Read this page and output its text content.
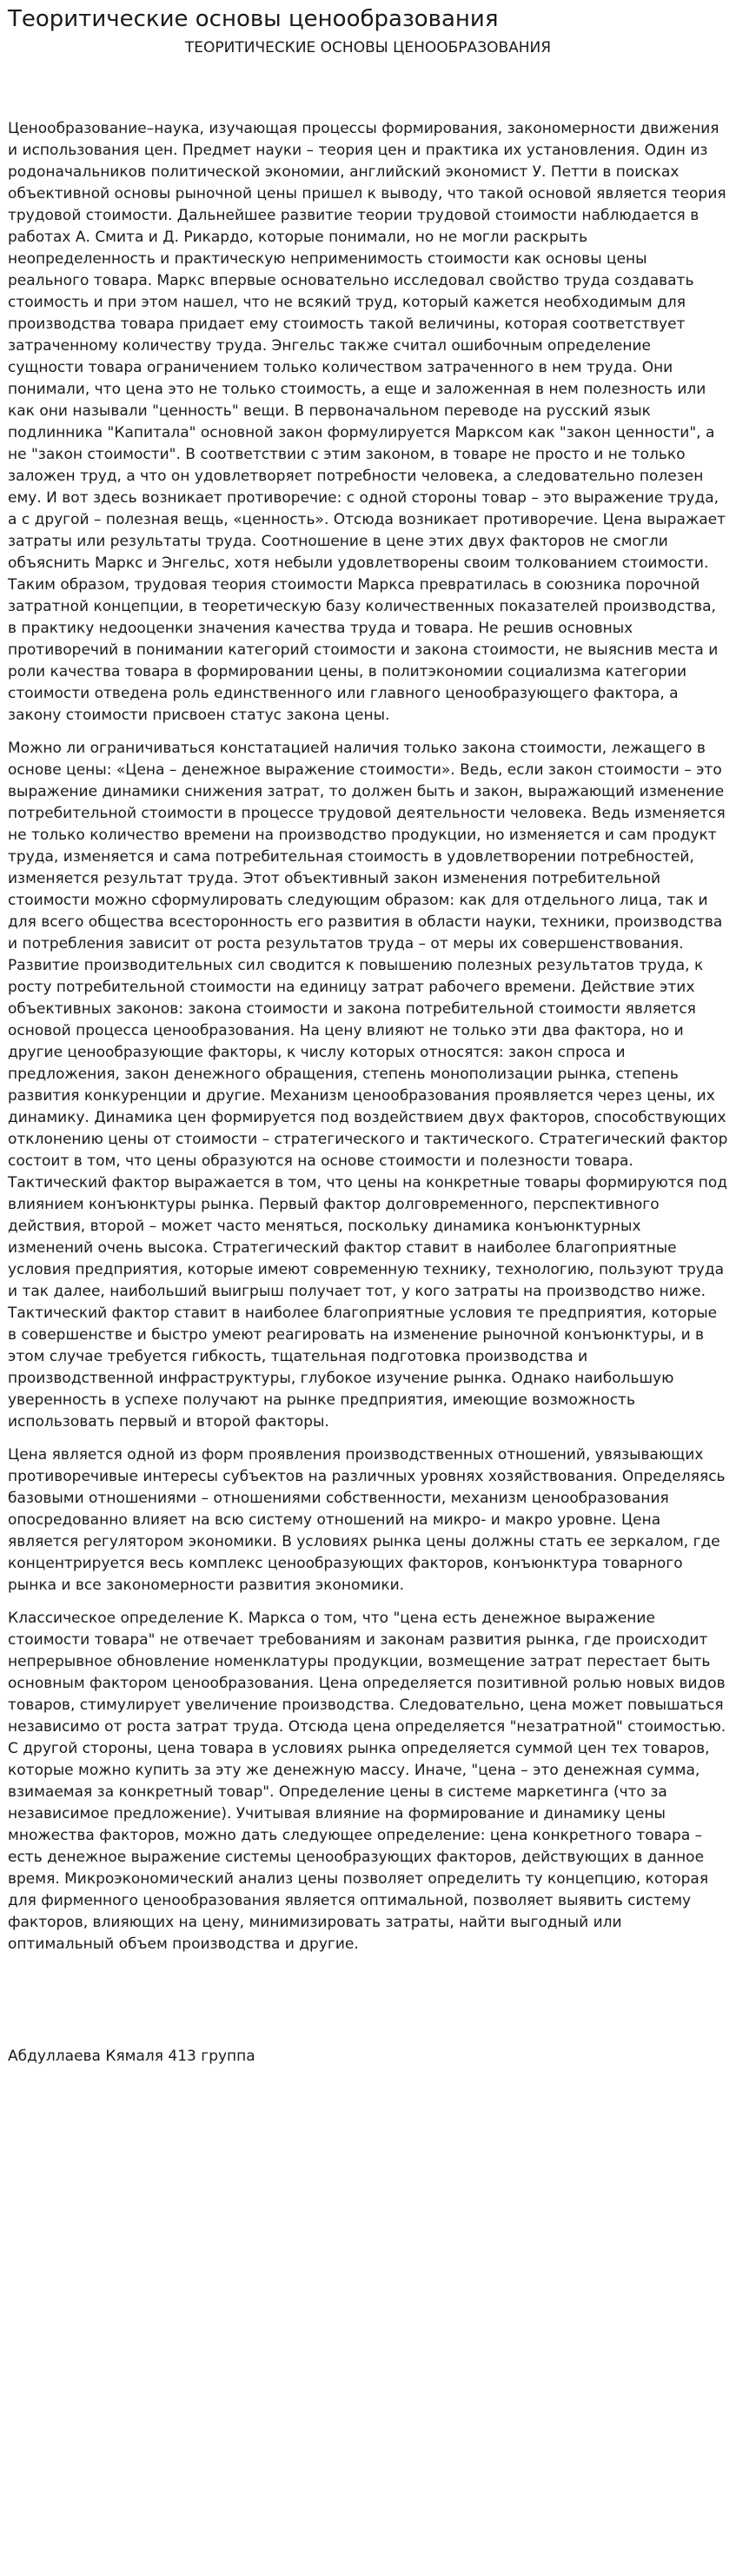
Теоритические основы ценообразования
ТЕОРИТИЧЕСКИЕ ОСНОВЫ ЦЕНООБРАЗОВАНИЯ

Ценообразование–наука, изучающая процессы формирования, закономерности движения и использования цен. Предмет науки – теория цен и практика их установления. Один из родоначальников политической экономии, английский экономист У. Петти в поисках объективной основы рыночной цены пришел к выводу, что такой основой является теория трудовой стоимости. Дальнейшее развитие теории трудовой стоимости наблюдается в работах А. Смита и Д. Рикардо, которые понимали, но не могли раскрыть неопределенность и практическую неприменимость стоимости как основы цены реального товара. Маркс впервые основательно исследовал свойство труда создавать стоимость и при этом нашел, что не всякий труд, который кажется необходимым для производства товара придает ему стоимость такой величины, которая соответствует затраченному количеству труда. Энгельс также считал ошибочным определение сущности товара ограничением только количеством затраченного в нем труда. Они понимали, что цена это не только стоимость, а еще и заложенная в нем полезность или как они называли "ценность" вещи. В первоначальном переводе на русский язык подлинника "Капитала" основной закон формулируется Марксом как "закон ценности", а не "закон стоимости". В соответствии с этим законом, в товаре не просто и не только заложен труд, а что он удовлетворяет потребности человека, а следовательно полезен ему. И вот здесь возникает противоречие: с одной стороны товар – это выражение труда, а с другой – полезная вещь, «ценность». Отсюда возникает противоречие. Цена выражает затраты или результаты труда. Соотношение в цене этих двух факторов не смогли объяснить Маркс и Энгельс, хотя небыли удовлетворены своим толкованием стоимости. Таким образом, трудовая теория стоимости Маркса превратилась в союзника порочной затратной концепции, в теоретическую базу количественных показателей производства, в практику недооценки значения качества труда и товара. Не решив основных противоречий в понимании категорий стоимости и закона стоимости, не выяснив места и роли качества товара в формировании цены, в политэкономии социализма категории стоимости отведена роль единственного или главного ценообразующего фактора, а закону стоимости присвоен статус закона цены.

Можно ли ограничиваться констатацией наличия только закона стоимости, лежащего в основе цены: «Цена – денежное выражение стоимости». Ведь, если закон стоимости – это выражение динамики снижения затрат, то должен быть и закон, выражающий изменение потребительной стоимости в процессе трудовой деятельности человека. Ведь изменяется не только количество времени на производство продукции, но изменяется и сам продукт труда, изменяется и сама потребительная стоимость в удовлетворении потребностей, изменяется результат труда. Этот объективный закон изменения потребительной стоимости можно сформулировать следующим образом: как для отдельного лица, так и для всего общества всесторонность его развития в области науки, техники, производства и потребления зависит от роста результатов труда – от меры их совершенствования. Развитие производительных сил сводится к повышению полезных результатов труда, к росту потребительной стоимости на единицу затрат рабочего времени. Действие этих объективных законов: закона стоимости и закона потребительной стоимости является основой процесса ценообразования. На цену влияют не только эти два фактора, но и другие ценообразующие факторы, к числу которых относятся: закон спроса и предложения, закон денежного обращения, степень монополизации рынка, степень развития конкуренции и другие. Механизм ценообразования проявляется через цены, их динамику. Динамика цен формируется под воздействием двух факторов, способствующих отклонению цены от стоимости – стратегического и тактического. Стратегический фактор состоит в том, что цены образуются на основе стоимости и полезности товара. Тактический фактор выражается в том, что цены на конкретные товары формируются под влиянием конъюнктуры рынка. Первый фактор долговременного, перспективного действия, второй – может часто меняться, поскольку динамика конъюнктурных изменений очень высока. Стратегический фактор ставит в наиболее благоприятные условия предприятия, которые имеют современную технику, технологию, пользуют труда и так далее, наибольший выигрыш получает тот, у кого затраты на производство ниже. Тактический фактор ставит в наиболее благоприятные условия те предприятия, которые в совершенстве и быстро умеют реагировать на изменение рыночной конъюнктуры, и в этом случае требуется гибкость, тщательная подготовка производства и производственной инфраструктуры, глубокое изучение рынка. Однако наибольшую уверенность в успехе получают на рынке предприятия, имеющие возможность использовать первый и второй факторы.

Цена является одной из форм проявления производственных отношений, увязывающих противоречивые интересы субъектов на различных уровнях хозяйствования. Определяясь базовыми отношениями – отношениями собственности, механизм ценообразования опосредованно влияет на всю систему отношений на микро- и макро уровне. Цена является регулятором экономики. В условиях рынка цены должны стать ее зеркалом, где концентрируется весь комплекс ценообразующих факторов, конъюнктура товарного рынка и все закономерности развития экономики.

Классическое определение К. Маркса о том, что "цена есть денежное выражение стоимости товара" не отвечает требованиям и законам развития рынка, где происходит непрерывное обновление номенклатуры продукции, возмещение затрат перестает быть основным фактором ценообразования. Цена определяется позитивной ролью новых видов товаров, стимулирует увеличение производства. Следовательно, цена может повышаться независимо от роста затрат труда. Отсюда цена определяется "незатратной" стоимостью. С другой стороны, цена товара в условиях рынка определяется суммой цен тех товаров, которые можно купить за эту же денежную массу. Иначе, "цена – это денежная сумма, взимаемая за конкретный товар". Определение цены в системе маркетинга (что за независимое предложение). Учитывая влияние на формирование и динамику цены множества факторов, можно дать следующее определение: цена конкретного товара – есть денежное выражение системы ценообразующих факторов, действующих в данное время. Микроэкономический анализ цены позволяет определить ту концепцию, которая для фирменного ценообразования является оптимальной, позволяет выявить систему факторов, влияющих на цену, минимизировать затраты, найти выгодный или оптимальный объем производства и другие.

Абдуллаева Кямаля 413 группа
